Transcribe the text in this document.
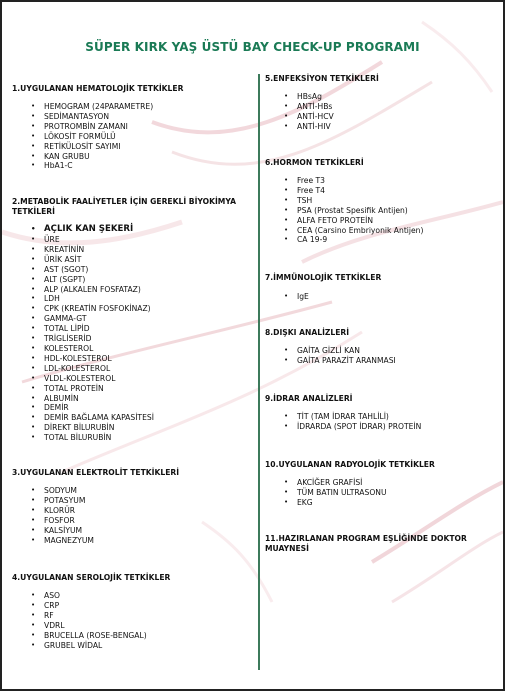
SÜPER KIRK YAŞ ÜSTÜ BAY CHECK-UP PROGRAMI
1.UYGULANAN HEMATOLOJİK TETKİKLER
• HEMOGRAM (24PARAMETRE)
• SEDİMANTASYON
• PROTROMBİN ZAMANI
• LÖKOSİT FORMÜLÜ
• RETİKÜLOSİT SAYIMI
• KAN GRUBU
• HbA1-C
2.METABOLİK FAALİYETLER İÇİN GEREKLİ BİYOKİMYA TETKİLERİ
• AÇLIK KAN ŞEKERİ
• ÜRE
• KREATİNİN
• ÜRİK ASİT
• AST (SGOT)
• ALT (SGPT)
• ALP (ALKALEN FOSFATAZ)
• LDH
• CPK (KREATİN FOSFOKİNAZ)
• GAMMA-GT
• TOTAL LİPİD
• TRİGLİSERİD
• KOLESTEROL
• HDL-KOLESTEROL
• LDL-KOLESTEROL
• VLDL-KOLESTEROL
• TOTAL PROTEİN
• ALBUMİN
• DEMİR
• DEMİR BAĞLAMA KAPASİTESİ
• DİREKT BİLURUBİN
• TOTAL BİLURUBİN
3.UYGULANAN ELEKTROLİT TETKİKLERİ
• SODYUM
• POTASYUM
• KLORÜR
• FOSFOR
• KALSİYUM
• MAGNEZYUM
4.UYGULANAN SEROLOJİK TETKİKLER
• ASO
• CRP
• RF
• VDRL
• BRUCELLA (ROSE-BENGAL)
• GRUBEL WİDAL
5.ENFEKSİYON TETKİKLERİ
• HBsAg
• ANTİ-HBs
• ANTİ-HCV
• ANTİ-HIV
6.HORMON TETKİKLERİ
• Free T3
• Free T4
• TSH
• PSA (Prostat Spesifik Antijen)
• ALFA FETO PROTEİN
• CEA (Carsino Embriyonik Antijen)
• CA 19-9
7.İMMÜNOLOJİK TETKİKLER
• IgE
8.DIŞKI ANALİZLERİ
• GAİTA GİZLİ KAN
• GAİTA PARAZİT ARANMASI
9.İDRAR ANALİZLERİ
• TİT (TAM İDRAR TAHLİLİ)
• İDRARDA (SPOT İDRAR) PROTEİN
10.UYGULANAN RADYOLOJİK TETKİKLER
• AKCİĞER GRAFİSİ
• TÜM BATIN ULTRASONU
• EKG
11.HAZIRLANAN PROGRAM EŞLİĞİNDE DOKTOR MUAYNESİ
